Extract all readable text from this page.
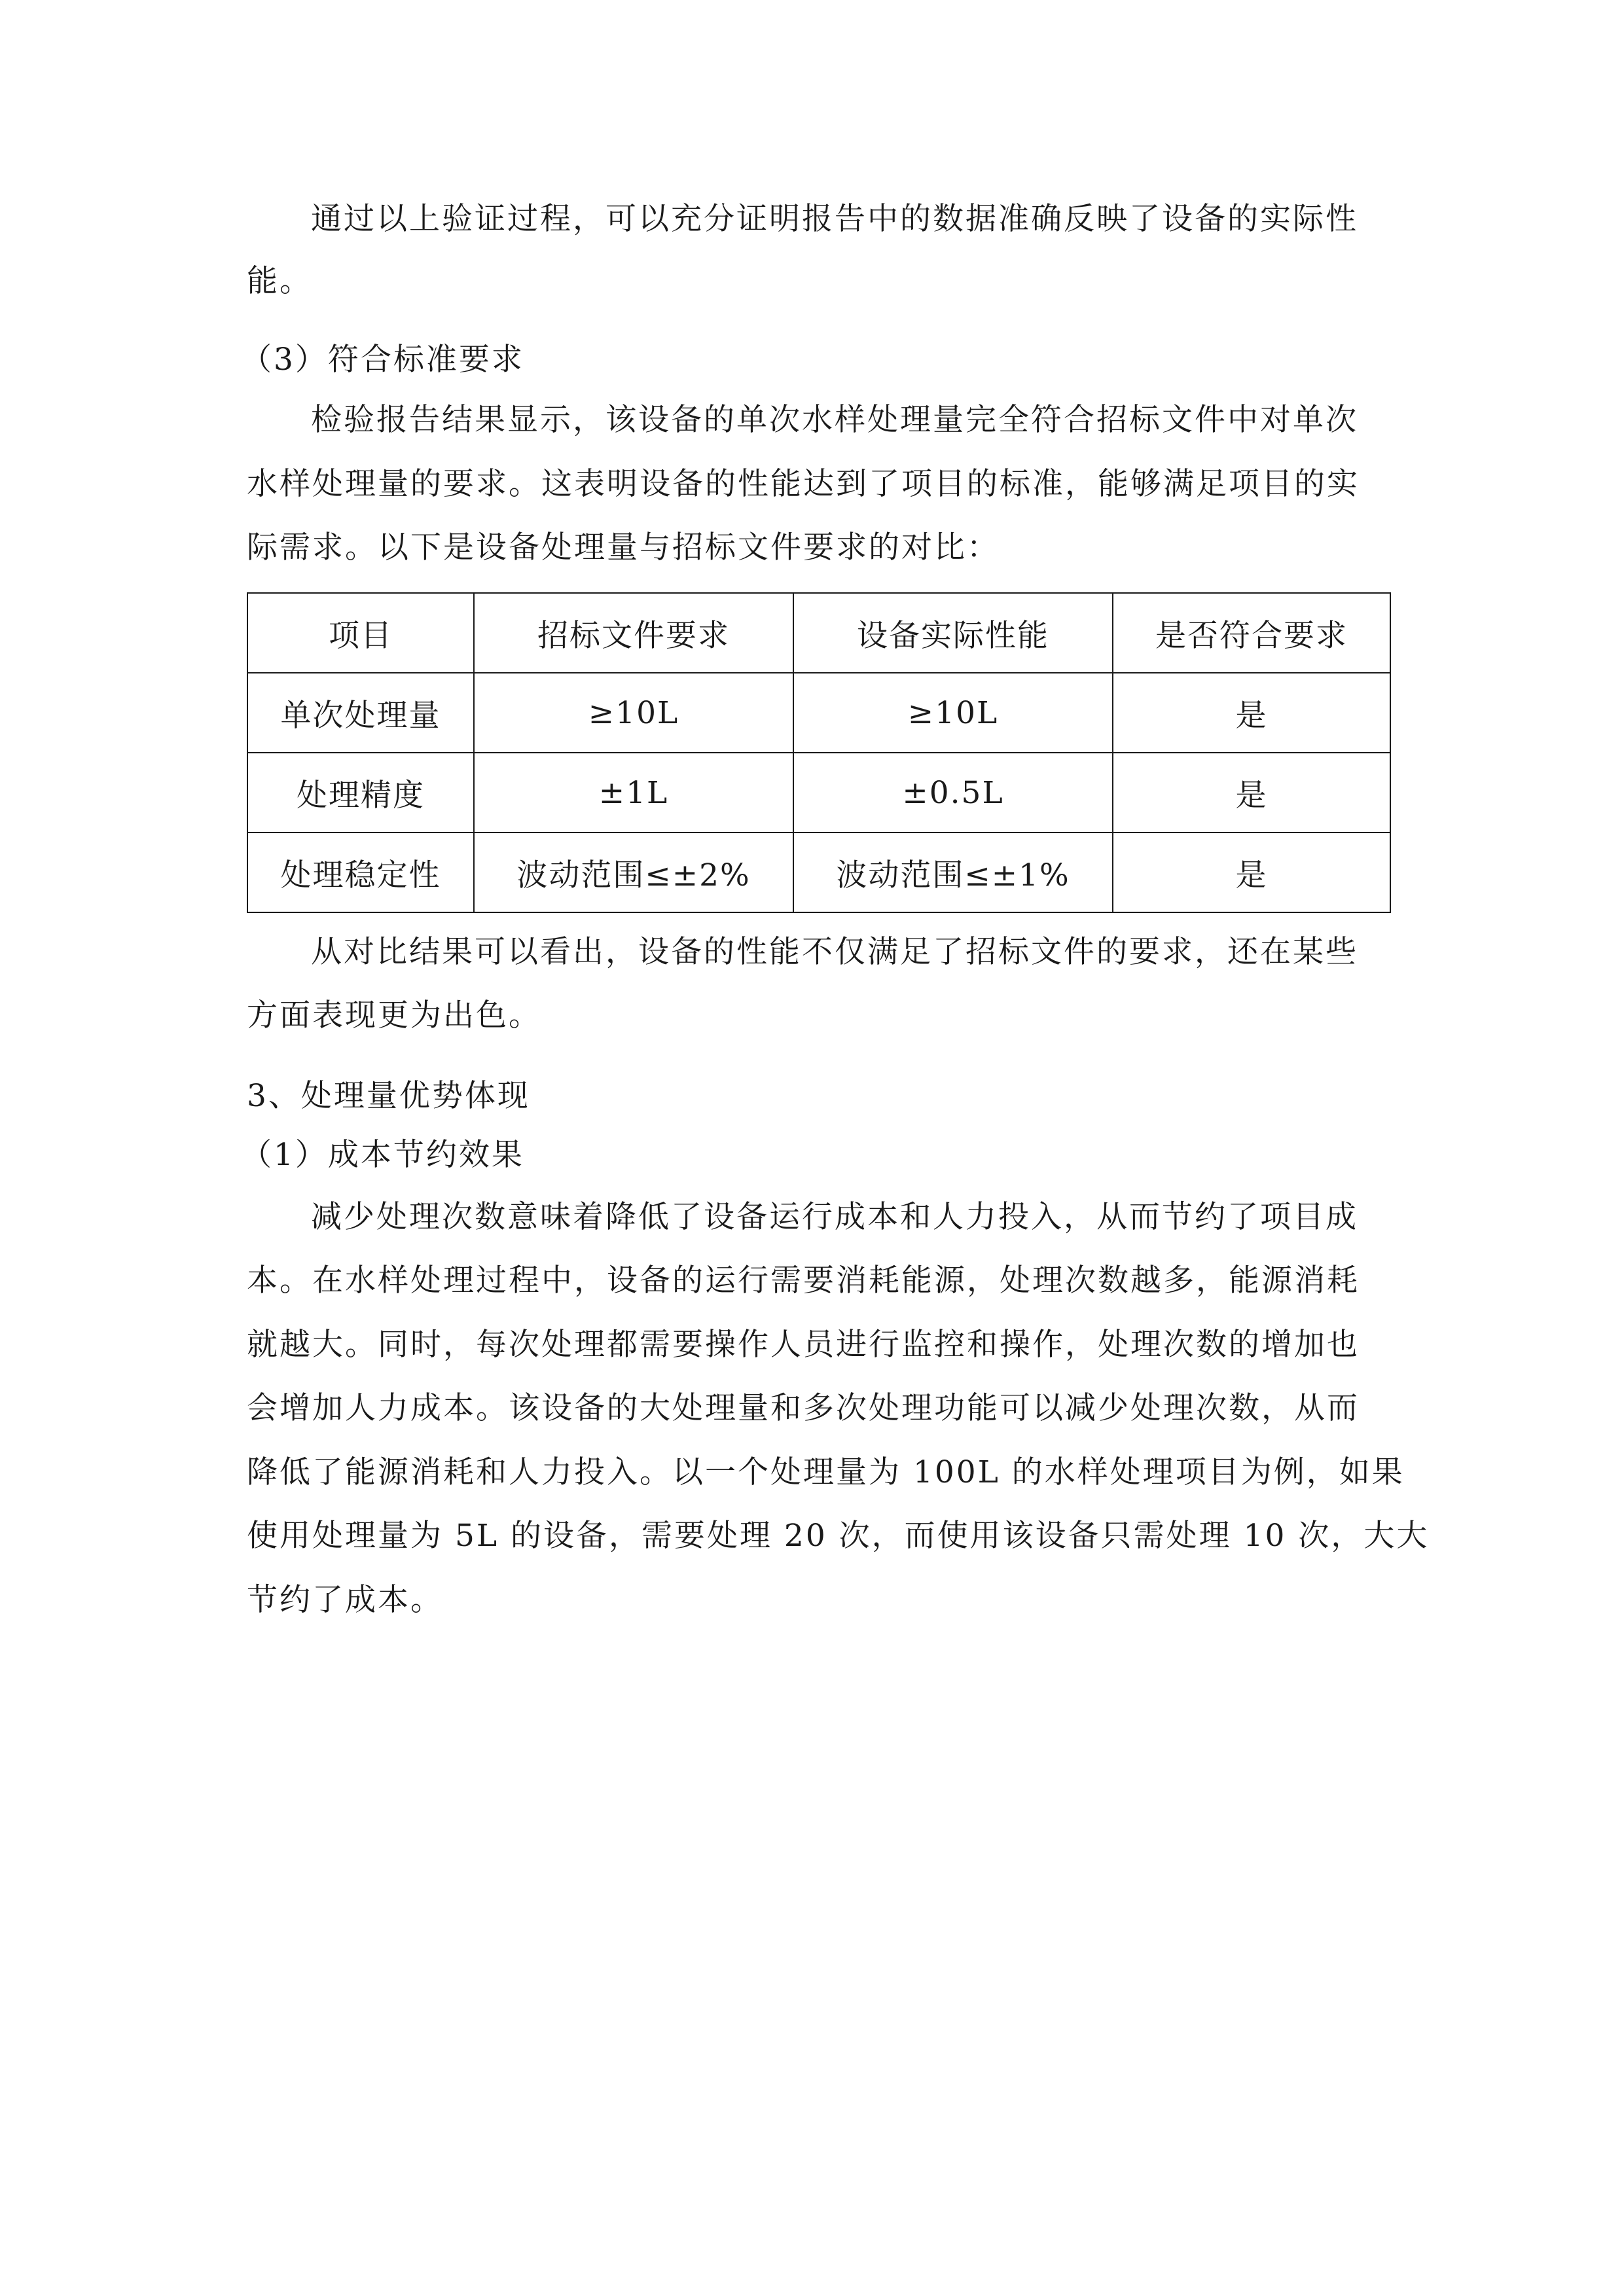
通过以上验证过程，可以充分证明报告中的数据准确反映了设备的实际性
能。
（3）符合标准要求
检验报告结果显示，该设备的单次水样处理量完全符合招标文件中对单次
水样处理量的要求。这表明设备的性能达到了项目的标准，能够满足项目的实
际需求。以下是设备处理量与招标文件要求的对比：
项目	招标文件要求	设备实际性能	是否符合要求
单次处理量	≥10L	≥10L	是
处理精度	±1L	±0.5L	是
处理稳定性	波动范围≤±2%	波动范围≤±1%	是
从对比结果可以看出，设备的性能不仅满足了招标文件的要求，还在某些
方面表现更为出色。
3、处理量优势体现
（1）成本节约效果
减少处理次数意味着降低了设备运行成本和人力投入，从而节约了项目成
本。在水样处理过程中，设备的运行需要消耗能源，处理次数越多，能源消耗
就越大。同时，每次处理都需要操作人员进行监控和操作，处理次数的增加也
会增加人力成本。该设备的大处理量和多次处理功能可以减少处理次数，从而
降低了能源消耗和人力投入。以一个处理量为 100L 的水样处理项目为例，如果
使用处理量为 5L 的设备，需要处理 20 次，而使用该设备只需处理 10 次，大大
节约了成本。
